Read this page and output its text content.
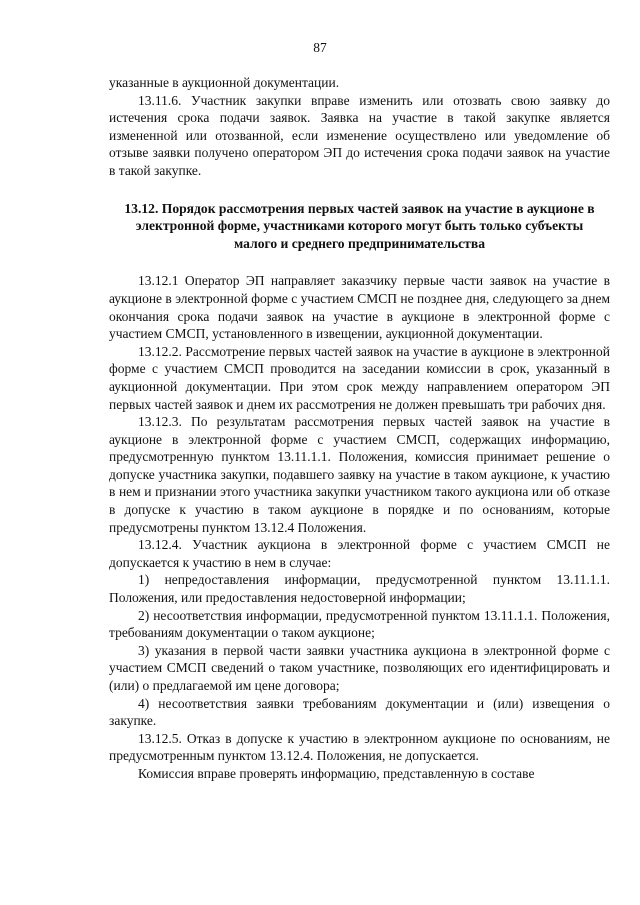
87

указанные в аукционной документации.

13.11.6. Участник закупки вправе изменить или отозвать свою заявку до истечения срока подачи заявок. Заявка на участие в такой закупке является измененной или отозванной, если изменение осуществлено или уведомление об отзыве заявки получено оператором ЭП до истечения срока подачи заявок на участие в такой закупке.

13.12. Порядок рассмотрения первых частей заявок на участие в аукционе в электронной форме, участниками которого могут быть только субъекты малого и среднего предпринимательства

13.12.1 Оператор ЭП направляет заказчику первые части заявок на участие в аукционе в электронной форме с участием СМСП не позднее дня, следующего за днем окончания срока подачи заявок на участие в аукционе в электронной форме с участием СМСП, установленного в извещении, аукционной документации.

13.12.2. Рассмотрение первых частей заявок на участие в аукционе в электронной форме с участием СМСП проводится на заседании комиссии в срок, указанный в аукционной документации. При этом срок между направлением оператором ЭП первых частей заявок и днем их рассмотрения не должен превышать три рабочих дня.

13.12.3. По результатам рассмотрения первых частей заявок на участие в аукционе в электронной форме с участием СМСП, содержащих информацию, предусмотренную пунктом 13.11.1.1. Положения, комиссия принимает решение о допуске участника закупки, подавшего заявку на участие в таком аукционе, к участию в нем и признании этого участника закупки участником такого аукциона или об отказе в допуске к участию в таком аукционе в порядке и по основаниям, которые предусмотрены пунктом 13.12.4 Положения.

13.12.4. Участник аукциона в электронной форме с участием СМСП не допускается к участию в нем в случае:

1) непредоставления информации, предусмотренной пунктом 13.11.1.1. Положения, или предоставления недостоверной информации;

2) несоответствия информации, предусмотренной пунктом 13.11.1.1. Положения, требованиям документации о таком аукционе;

3) указания в первой части заявки участника аукциона в электронной форме с участием СМСП сведений о таком участнике, позволяющих его идентифицировать и (или) о предлагаемой им цене договора;

4) несоответствия заявки требованиям документации и (или) извещения о закупке.

13.12.5. Отказ в допуске к участию в электронном аукционе по основаниям, не предусмотренным пунктом 13.12.4. Положения, не допускается.

Комиссия вправе проверять информацию, представленную в составе
